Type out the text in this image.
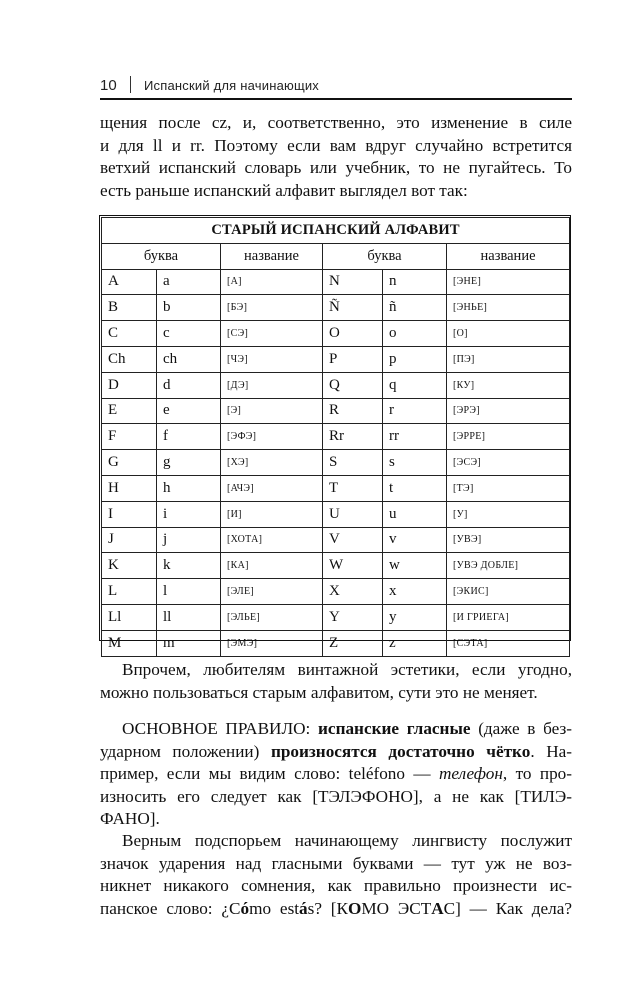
10 Испанский для начинающих
щения после cz, и, соответственно, это изменение в силе
и для ll и rr. Поэтому если вам вдруг случайно встретится
ветхий испанский словарь или учебник, то не пугайтесь. То
есть раньше испанский алфавит выглядел вот так:
СТАРЫЙ ИСПАНСКИЙ АЛФАВИТ					
буква		название	буква		название
A	a	[А]	N	n	[ЭНЕ]
B	b	[БЭ]	Ñ	ñ	[ЭНЬЕ]
C	c	[СЭ]	O	o	[О]
Ch	ch	[ЧЭ]	P	p	[ПЭ]
D	d	[ДЭ]	Q	q	[КУ]
E	e	[Э]	R	r	[ЭРЭ]
F	f	[ЭФЭ]	Rr	rr	[ЭРРЕ]
G	g	[ХЭ]	S	s	[ЭСЭ]
H	h	[АЧЭ]	T	t	[ТЭ]
I	i	[И]	U	u	[У]
J	j	[ХОТА]	V	v	[УВЭ]
K	k	[КА]	W	w	[УВЭ ДОБЛЕ]
L	l	[ЭЛЕ]	X	x	[ЭКИС]
Ll	ll	[ЭЛЬЕ]	Y	y	[И ГРИЕГА]
M	m	[ЭМЭ]	Z	z	[СЭТА]
Впрочем, любителям винтажной эстетики, если угодно,
можно пользоваться старым алфавитом, сути это не меняет.
ОСНОВНОЕ ПРАВИЛО: испанские гласные (даже в без-
ударном положении) произносятся достаточно чётко. На-
пример, если мы видим слово: teléfono — телефон, то про-
износить его следует как [ТЭЛЭФОНО], а не как [ТИЛЭ-
ФАНО].
Верным подспорьем начинающему лингвисту послужит
значок ударения над гласными буквами — тут уж не воз-
никнет никакого сомнения, как правильно произнести ис-
панское слово: ¿Cómo estás? [КОМО ЭСТАС] — Как дела?
